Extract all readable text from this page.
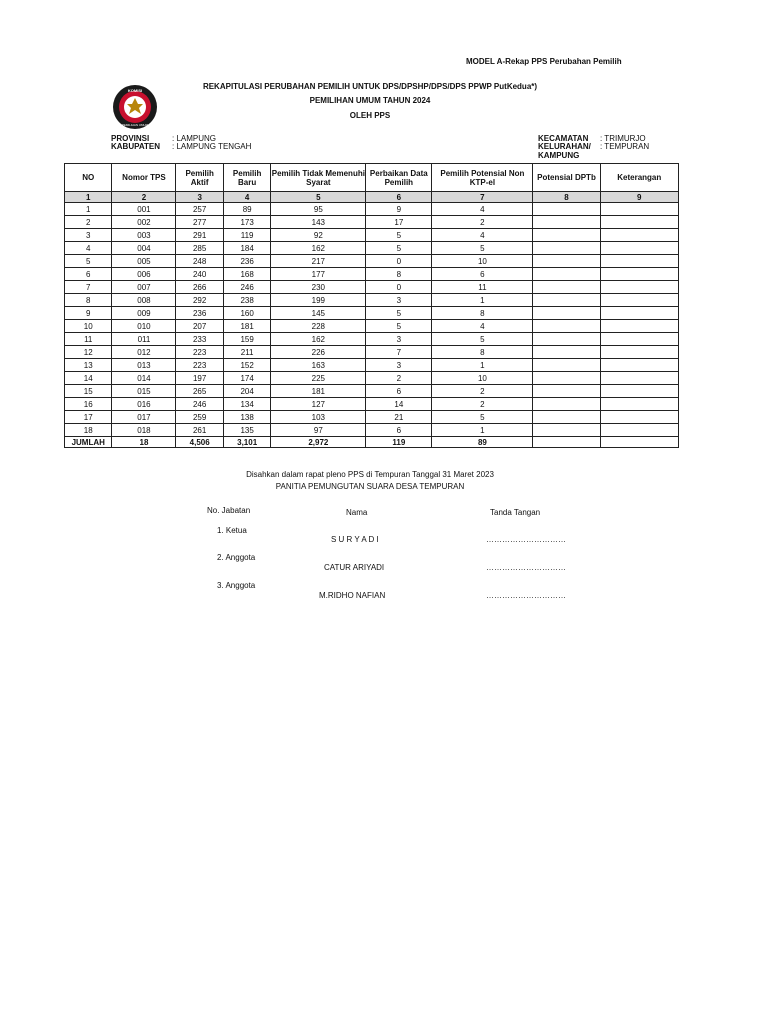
MODEL A-Rekap PPS Perubahan Pemilih
KOMISI
PEMILIHAN UMUM
REKAPITULASI PERUBAHAN PEMILIH UNTUK DPS/DPSHP/DPS/DPS PPWP PutKedua*)
PEMILIHAN UMUM TAHUN 2024
OLEH PPS
PROVINSI	: LAMPUNG
KABUPATEN : LAMPUNG TENGAH
KECAMATAN : TRIMURJO
KELURAHAN/ : TEMPURAN
KAMPUNG
NO	Nomor TPS	Pemilih Aktif	Pemilih Baru	Pemilih Tidak Memenuhi Syarat	Perbaikan Data Pemilih	Pemilih Potensial Non KTP-el	Potensial DPTb	Keterangan
1	2	3	4	5	6	7	8	9
1	001	257	89	95	9	4		
2	002	277	173	143	17	2		
3	003	291	119	92	5	4		
4	004	285	184	162	5	5		
5	005	248	236	217	0	10		
6	006	240	168	177	8	6		
7	007	266	246	230	0	11		
8	008	292	238	199	3	1		
9	009	236	160	145	5	8		
10	010	207	181	228	5	4		
11	011	233	159	162	3	5		
12	012	223	211	226	7	8		
13	013	223	152	163	3	1		
14	014	197	174	225	2	10		
15	015	265	204	181	6	2		
16	016	246	134	127	14	2		
17	017	259	138	103	21	5		
18	018	261	135	97	6	1		
JUMLAH	18	4,506	3,101	2,972	119	89		
Disahkan dalam rapat pleno PPS di Tempuran Tanggal 31 Maret 2023
PANITIA PEMUNGUTAN SUARA DESA TEMPURAN
No. Jabatan	Nama	Tanda Tangan
1. Ketua
S U R Y A D I	…………………………
2. Anggota
CATUR ARIYADI	…………………………
3. Anggota
M.RIDHO NAFIAN	…………………………
